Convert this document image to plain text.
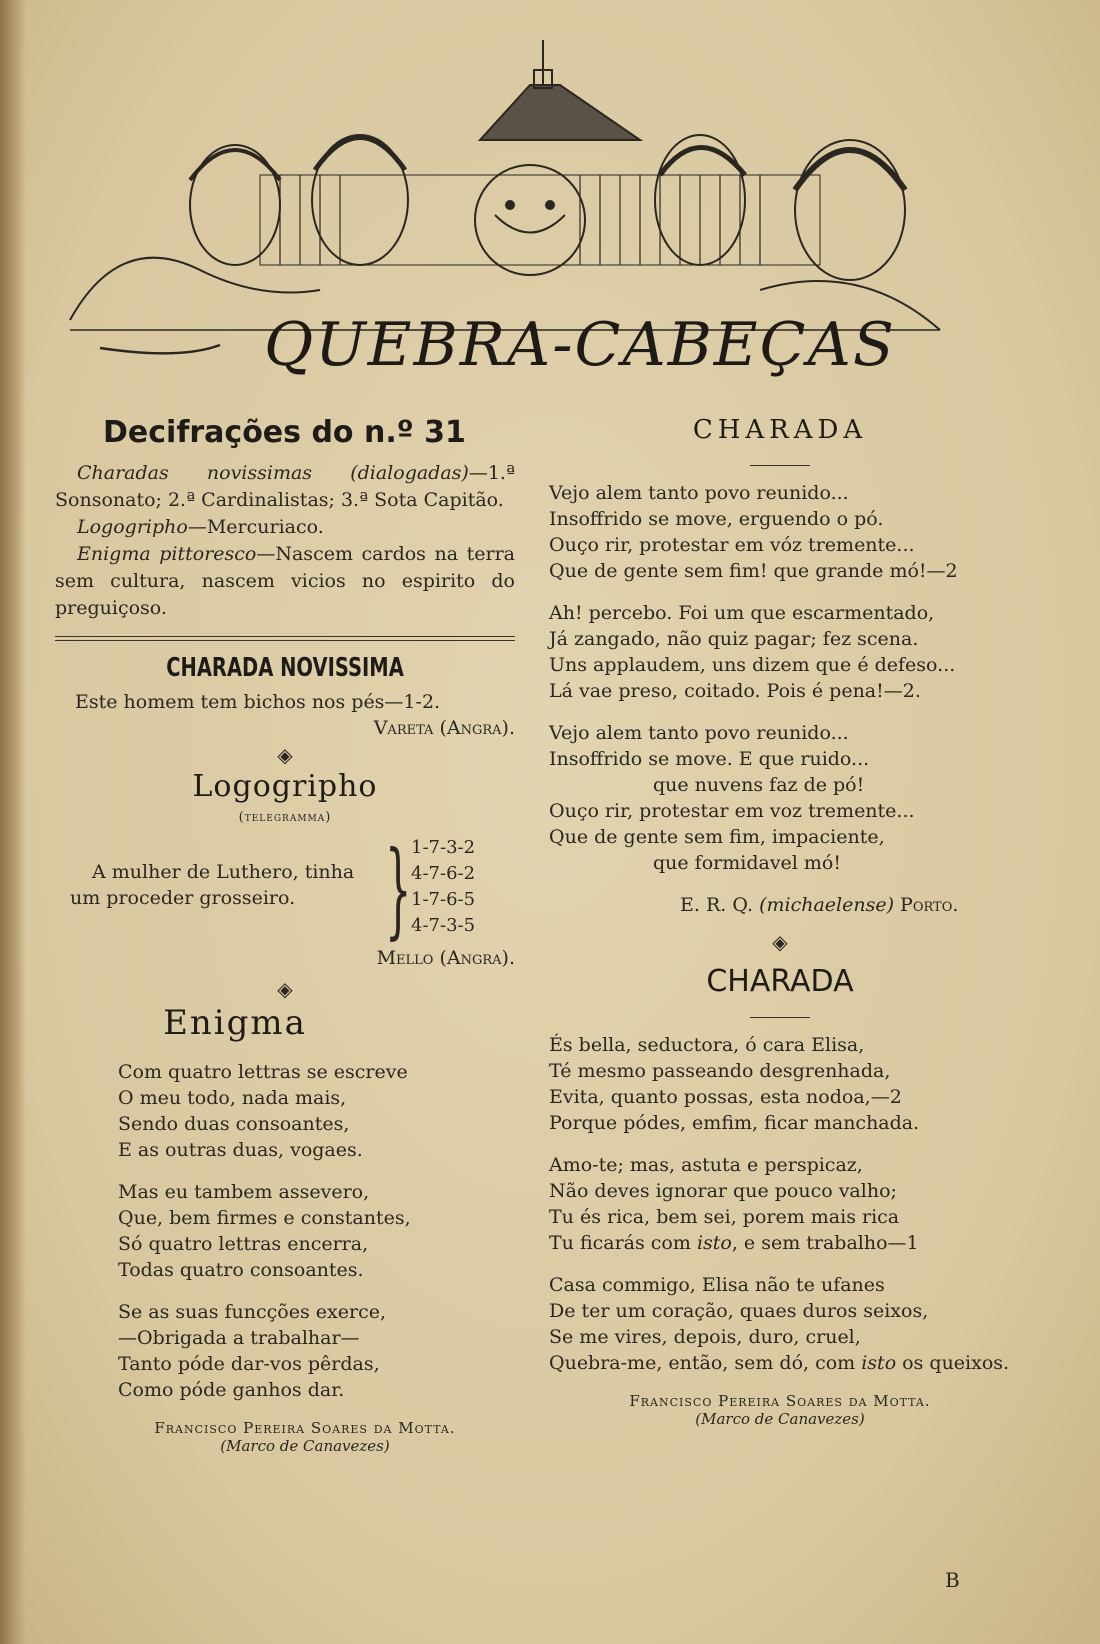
QUEBRA-CABEÇAS
Decifrações do n.º 31

Charadas novissimas (dialogadas)—1.ª Sonsonato; 2.ª Cardinalistas; 3.ª Sota Capitão.

Logogripho—Mercuriaco.

Enigma pittoresco—Nascem cardos na terra sem cultura, nascem vicios no espirito do preguiçoso.

CHARADA NOVISSIMA

Este homem tem bichos nos pés—1-2.

Vareta (Angra).

◈
Logogripho
(telegramma)
A mulher de Luthero, tinha
um proceder grosseiro. } 1-7-3-2
4-7-6-2
1-7-6-5
4-7-3-5

Mello (Angra).

◈
Enigma

Com quatro lettras se escreve

O meu todo, nada mais,

Sendo duas consoantes,

E as outras duas, vogaes.

Mas eu tambem assevero,

Que, bem firmes e constantes,

Só quatro lettras encerra,

Todas quatro consoantes.

Se as suas funcções exerce,

—Obrigada a trabalhar—

Tanto póde dar-vos pêrdas,

Como póde ganhos dar.

Francisco Pereira Soares da Motta.
(Marco de Canavezes)
CHARADA

Vejo alem tanto povo reunido...

Insoffrido se move, erguendo o pó.

Ouço rir, protestar em vóz tremente...

Que de gente sem fim! que grande mó!—2

Ah! percebo. Foi um que escarmentado,

Já zangado, não quiz pagar; fez scena.

Uns applaudem, uns dizem que é defeso...

Lá vae preso, coitado. Pois é pena!—2.

Vejo alem tanto povo reunido...

Insoffrido se move. E que ruido...

que nuvens faz de pó!

Ouço rir, protestar em voz tremente...

Que de gente sem fim, impaciente,

que formidavel mó!

E. R. Q. (michaelense) Porto.

◈
CHARADA

És bella, seductora, ó cara Elisa,

Té mesmo passeando desgrenhada,

Evita, quanto possas, esta nodoa,—2

Porque pódes, emfim, ficar manchada.

Amo-te; mas, astuta e perspicaz,

Não deves ignorar que pouco valho;

Tu és rica, bem sei, porem mais rica

Tu ficarás com isto, e sem trabalho—1

Casa commigo, Elisa não te ufanes

De ter um coração, quaes duros seixos,

Se me vires, depois, duro, cruel,

Quebra-me, então, sem dó, com isto os queixos.

Francisco Pereira Soares da Motta.
(Marco de Canavezes)
B
